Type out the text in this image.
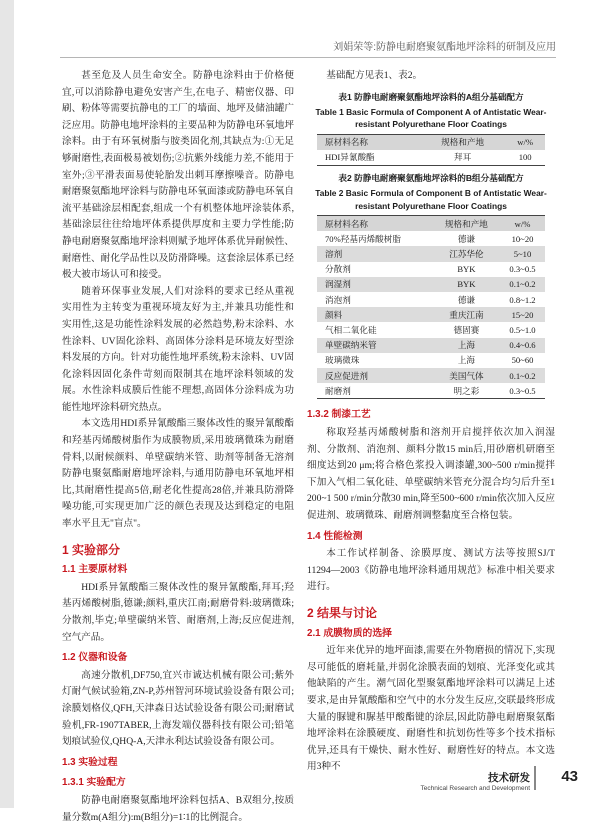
刘娟荣等:防静电耐磨聚氨酯地坪涂料的研制及应用

甚至危及人员生命安全。防静电涂料由于价格便宜,可以消除静电避免安害产生,在电子、精密仪器、印刷、粉体等需要抗静电的工厂的墙面、地坪及储油罐广泛应用。防静电地坪涂料的主要品种为防静电环氧地坪涂料。由于有环氧树脂与胺类固化剂,其缺点为:①无足够耐磨性,表面极易被划伤;②抗紫外线能力差,不能用于室外;③平滑表面易使轮胎发出刺耳摩擦噪音。防静电耐磨聚氨酯地坪涂料与防静电环氧面漆或防静电环氧自流平基础涂层相配套,组成一个有机整体地坪涂装体系,基础涂层往往给地坪体系提供厚度和主要力学性能;防静电耐磨聚氨酯地坪涂料则赋予地坪体系优异耐候性、耐磨性、耐化学品性以及防滑降噪。这套涂层体系已经极大被市场认可和接受。

随着环保事业发展,人们对涂料的要求已经从重视实用性为主转变为重视环境友好为主,并兼具功能性和实用性,这是功能性涂料发展的必然趋势,粉末涂料、水性涂料、UV固化涂料、高固体分涂料是环境友好型涂料发展的方向。针对功能性地坪系统,粉末涂料、UV固化涂料因固化条件苛刻而限制其在地坪涂料领域的发展。水性涂料成膜后性能不理想,高固体分涂料成为功能性地坪涂料研究热点。

本文选用HDI系异氰酸酯三聚体改性的聚异氰酸酯和羟基丙烯酸树脂作为成膜物质,采用玻璃微珠为耐磨骨料,以耐候颜料、单壁碳纳米管、助剂等制备无溶剂防静电聚氨酯耐磨地坪涂料,与通用防静电环氧地坪相比,其耐磨性提高5倍,耐老化性提高28倍,并兼具防滑降噪功能,可实现更加广泛的颜色表现及达到稳定的电阻率水平且无"盲点"。

1 实验部分
1.1 主要原材料

HDI系异氰酸酯三聚体改性的聚异氰酸酯,拜耳;羟基丙烯酸树脂,德谦;颜料,重庆江南;耐磨骨料:玻璃微珠;分散剂,毕克;单壁碳纳米管、耐磨剂,上海;反应促进剂,空气产品。

1.2 仪器和设备

高速分散机,DF750,宜兴市诚达机械有限公司;紫外灯耐气候试验箱,ZN-P,苏州智河环境试验设备有限公司;涂膜划格仪,QFH,天津森日达试验设备有限公司;耐磨试验机,FR-1907TABER,上海发端仪器科技有限公司;铅笔划痕试验仪,QHQ-A,天津永利达试验设备有限公司。

1.3 实验过程
1.3.1 实验配方

防静电耐磨聚氨酯地坪涂料包括A、B双组分,按质量分数m(A组分):m(B组分)=1∶1的比例混合。

基础配方见表1、表2。

表1 防静电耐磨聚氨酯地坪涂料的A组分基础配方
Table 1 Basic Formula of Component A of Antistatic Wear-resistant Polyurethane Floor Coatings
原材料名称	规格和产地	w/%
HDI异氰酸酯	拜耳	100
表2 防静电耐磨聚氨酯地坪涂料的B组分基础配方
Table 2 Basic Formula of Component B of Antistatic Wear-resistant Polyurethane Floor Coatings
原材料名称	规格和产地	w/%
70%羟基丙烯酸树脂	德谦	10~20
溶剂	江苏华伦	5~10
分散剂	BYK	0.3~0.5
润湿剂	BYK	0.1~0.2
消泡剂	德谦	0.8~1.2
颜料	重庆江南	15~20
气相二氧化硅	德固赛	0.5~1.0
单壁碳纳米管	上海	0.4~0.6
玻璃微珠	上海	50~60
反应促进剂	美国气体	0.1~0.2
耐磨剂	明之彩	0.3~0.5
1.3.2 制漆工艺

称取羟基丙烯酸树脂和溶剂开启搅拌依次加入润湿剂、分散剂、消泡剂、颜料分散15 min后,用砂磨机研磨至细度达到20 μm;将合格色浆投入调漆罐,300~500 r/min搅拌下加入气相二氧化硅、单壁碳纳米管充分混合均匀后升至1 200~1 500 r/min分散30 min,降至500~600 r/min依次加入反应促进剂、玻璃微珠、耐磨剂调整黏度至合格包装。

1.4 性能检测

本工作试样制备、涂膜厚度、测试方法等按照SJ/T 11294—2003《防静电地坪涂料通用规范》标准中相关要求进行。

2 结果与讨论
2.1 成膜物质的选择

近年来优异的地坪面漆,需要在外物磨损的情况下,实现尽可能低的磨耗量,并弱化涂膜表面的划痕、光泽变化或其他缺陷的产生。潮气固化型聚氨酯地坪涂料可以满足上述要求,是由异氰酸酯和空气中的水分发生反应,交联最终形成大量的脲键和脲基甲酸酯键的涂层,因此防静电耐磨聚氨酯地坪涂料在涂膜硬度、耐磨性和抗划伤性等多个技术指标优异,还具有干燥快、耐水性好、耐磨性好的特点。本文选用3种不

技术研发
Technical Research and Development
43
